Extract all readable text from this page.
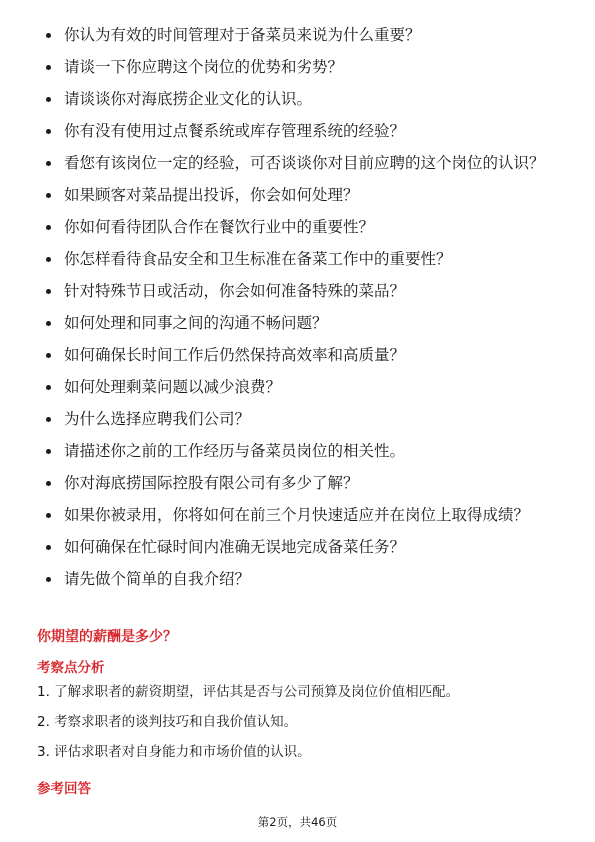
你认为有效的时间管理对于备菜员来说为什么重要？
请谈一下你应聘这个岗位的优势和劣势？
请谈谈你对海底捞企业文化的认识。
你有没有使用过点餐系统或库存管理系统的经验？
看您有该岗位一定的经验，可否谈谈你对目前应聘的这个岗位的认识？
如果顾客对菜品提出投诉，你会如何处理？
你如何看待团队合作在餐饮行业中的重要性？
你怎样看待食品安全和卫生标准在备菜工作中的重要性？
针对特殊节日或活动，你会如何准备特殊的菜品？
如何处理和同事之间的沟通不畅问题？
如何确保长时间工作后仍然保持高效率和高质量？
如何处理剩菜问题以减少浪费？
为什么选择应聘我们公司？
请描述你之前的工作经历与备菜员岗位的相关性。
你对海底捞国际控股有限公司有多少了解？
如果你被录用，你将如何在前三个月快速适应并在岗位上取得成绩？
如何确保在忙碌时间内准确无误地完成备菜任务？
请先做个简单的自我介绍？
你期望的薪酬是多少？
考察点分析
1. 了解求职者的薪资期望，评估其是否与公司预算及岗位价值相匹配。
2. 考察求职者的谈判技巧和自我价值认知。
3. 评估求职者对自身能力和市场价值的认识。
参考回答
第2页，共46页
